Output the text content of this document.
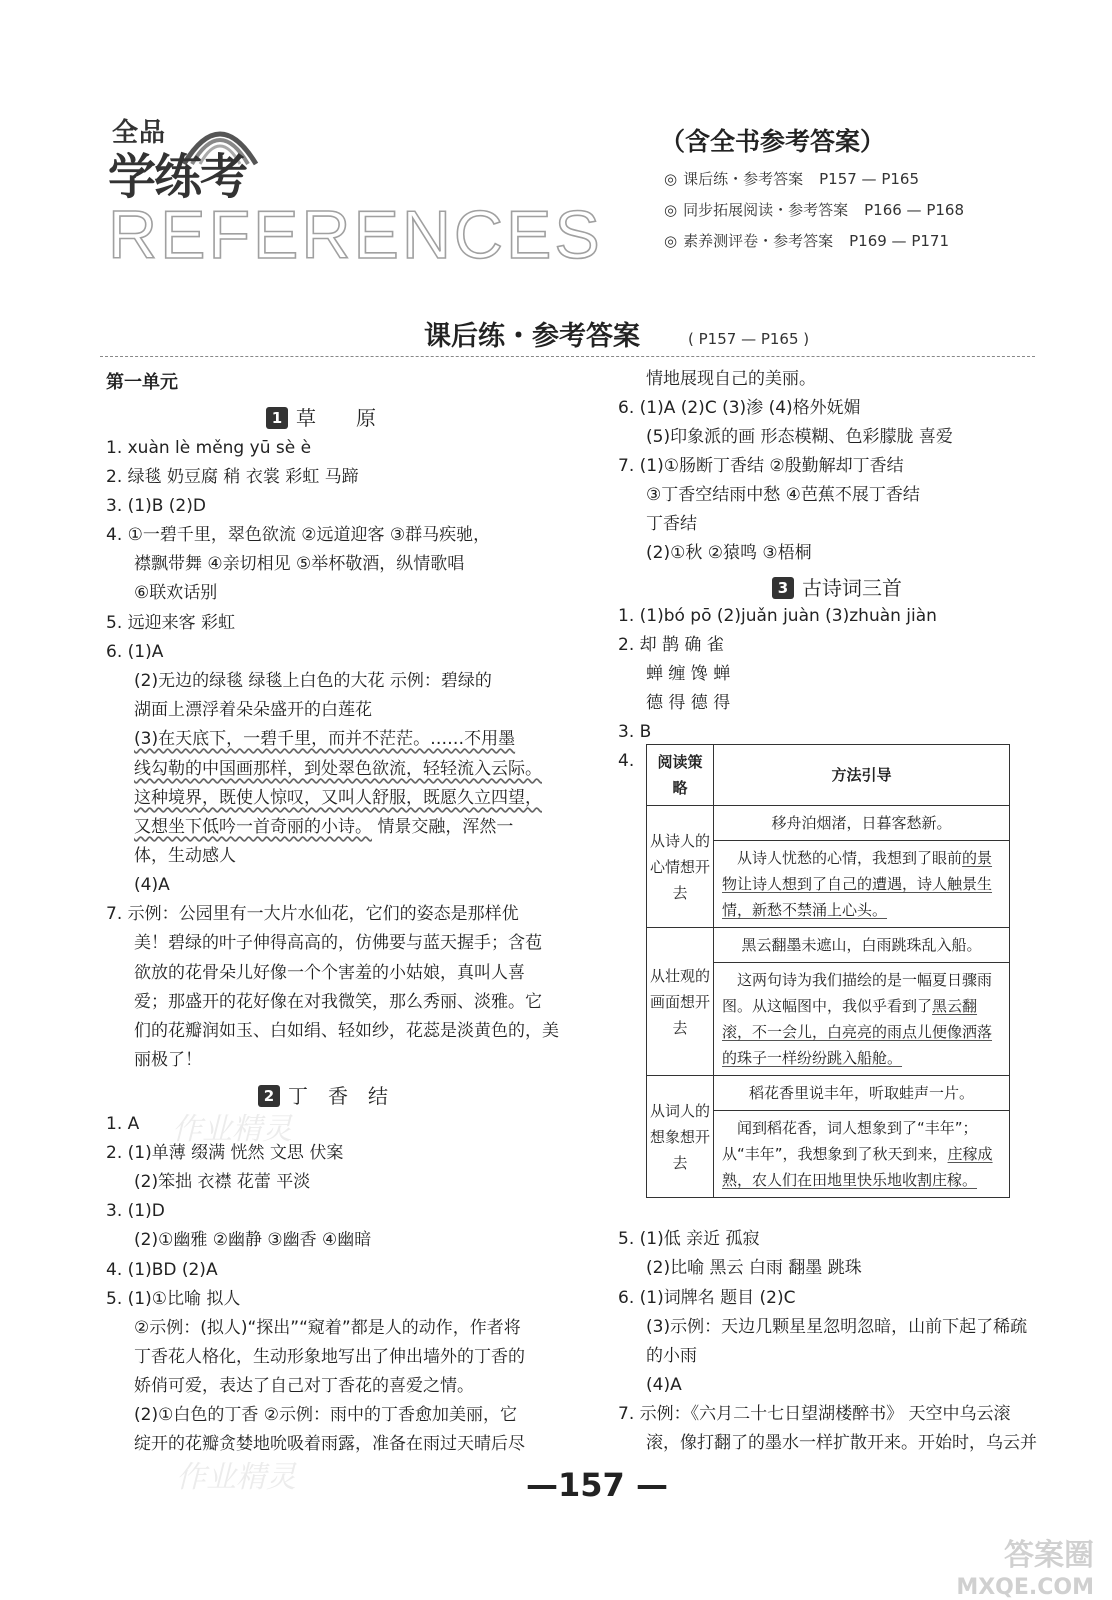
全品
学练考
REFERENCES
（含全书参考答案）
◎ 课后练・参考答案 P157 — P165
◎ 同步拓展阅读・参考答案 P166 — P168
◎ 素养测评卷・参考答案 P169 — P171
课后练・参考答案	( P157 — P165 )
第一单元
1 草　　原
1. xuàn lè měng yū sè è
2. 绿毯 奶豆腐 稍 衣裳 彩虹 马蹄
3. (1)B (2)D
4. ①一碧千里，翠色欲流 ②远道迎客 ③群马疾驰，
襟飘带舞 ④亲切相见 ⑤举杯敬酒，纵情歌唱
⑥联欢话别
5. 远迎来客 彩虹
6. (1)A
(2)无边的绿毯 绿毯上白色的大花 示例：碧绿的
湖面上漂浮着朵朵盛开的白莲花
(3)在天底下，一碧千里，而并不茫茫。……不用墨
线勾勒的中国画那样，到处翠色欲流，轻轻流入云际。
这种境界，既使人惊叹，又叫人舒服，既愿久立四望，
又想坐下低吟一首奇丽的小诗。 情景交融，浑然一
体，生动感人
(4)A
7. 示例：公园里有一大片水仙花，它们的姿态是那样优
美！碧绿的叶子伸得高高的，仿佛要与蓝天握手；含苞
欲放的花骨朵儿好像一个个害羞的小姑娘，真叫人喜
爱；那盛开的花好像在对我微笑，那么秀丽、淡雅。它
们的花瓣润如玉、白如绢、轻如纱，花蕊是淡黄色的，美
丽极了！
2 丁　香　结
1. A
2. (1)单薄 缀满 恍然 文思 伏案
(2)笨拙 衣襟 花蕾 平淡
3. (1)D
(2)①幽雅 ②幽静 ③幽香 ④幽暗
4. (1)BD (2)A
5. (1)①比喻 拟人
②示例：(拟人)“探出”“窥着”都是人的动作，作者将
丁香花人格化，生动形象地写出了伸出墙外的丁香的
娇俏可爱，表达了自己对丁香花的喜爱之情。
(2)①白色的丁香 ②示例：雨中的丁香愈加美丽，它
绽开的花瓣贪婪地吮吸着雨露，准备在雨过天晴后尽
情地展现自己的美丽。
6. (1)A (2)C (3)渗 (4)格外妩媚
(5)印象派的画 形态模糊、色彩朦胧 喜爱
7. (1)①肠断丁香结 ②殷勤解却丁香结
③丁香空结雨中愁 ④芭蕉不展丁香结
丁香结
(2)①秋 ②猿鸣 ③梧桐
3 古诗词三首
1. (1)bó pō (2)juǎn juàn (3)zhuàn jiàn
2. 却 鹊 确 雀
蝉 缠 馋 蝉
德 得 德 得
3. B
4. 阅读策略	方法引导
从诗人的心情想开去	移舟泊烟渚，日暮客愁新。
	 从诗人忧愁的心情，我想到了眼前的景物让诗人想到了自己的遭遇，诗人触景生情，新愁不禁涌上心头。
从壮观的画面想开去	黑云翻墨未遮山，白雨跳珠乱入船。
	 这两句诗为我们描绘的是一幅夏日骤雨图。从这幅图中，我似乎看到了黑云翻滚，不一会儿，白亮亮的雨点儿便像洒落的珠子一样纷纷跳入船舱。
从词人的想象想开去	稻花香里说丰年，听取蛙声一片。
	 闻到稻花香，词人想象到了“丰年”；从“丰年”，我想象到了秋天到来，庄稼成熟，农人们在田地里快乐地收割庄稼。
5. (1)低 亲近 孤寂
(2)比喻 黑云 白雨 翻墨 跳珠
6. (1)词牌名 题目 (2)C
(3)示例：天边几颗星星忽明忽暗，山前下起了稀疏
的小雨
(4)A
7. 示例：《六月二十七日望湖楼醉书》 天空中乌云滚
滚，像打翻了的墨水一样扩散开来。开始时，乌云并
—157 —
作业精灵
作业精灵
答案圈
MXQE.COM
